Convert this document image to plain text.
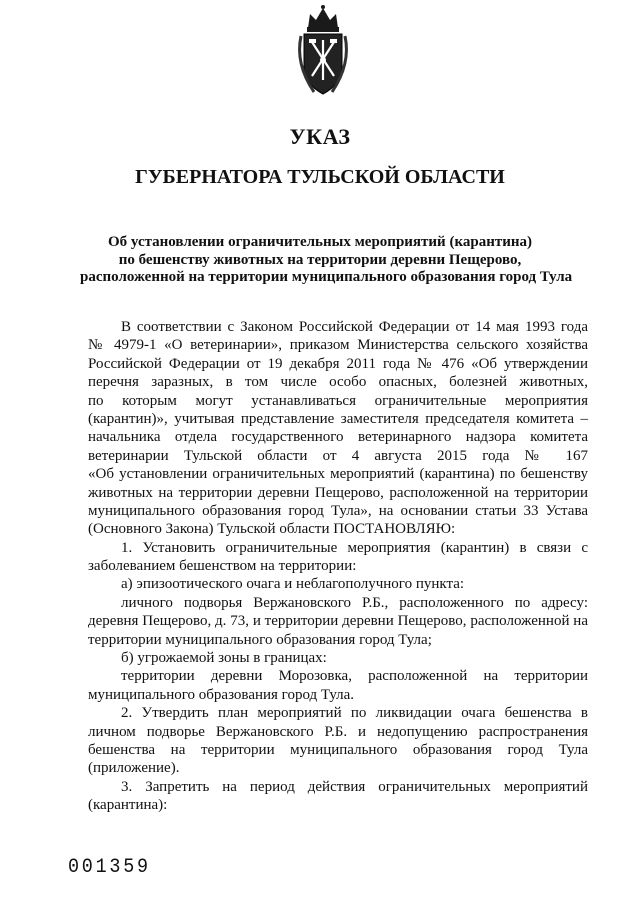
УКАЗ
ГУБЕРНАТОРА ТУЛЬСКОЙ ОБЛАСТИ
Об установлении ограничительных мероприятий (карантина)
по бешенству животных на территории деревни Пещерово,
расположенной на территории муниципального образования город Тула
В соответствии с Законом Российской Федерации от 14 мая 1993 года
№ 4979-1 «О ветеринарии», приказом Министерства сельского хозяйства
Российской Федерации от 19 декабря 2011 года № 476 «Об утверждении
перечня заразных, в том числе особо опасных, болезней животных,
по которым могут устанавливаться ограничительные мероприятия
(карантин)», учитывая представление заместителя председателя комитета –
начальника отдела государственного ветеринарного надзора комитета
ветеринарии Тульской области от 4 августа 2015 года № 167
«Об установлении ограничительных мероприятий (карантина) по бешенству
животных на территории деревни Пещерово, расположенной на территории
муниципального образования город Тула», на основании статьи 33 Устава
(Основного Закона) Тульской области ПОСТАНОВЛЯЮ:
1. Установить ограничительные мероприятия (карантин) в связи с
заболеванием бешенством на территории:
а) эпизоотического очага и неблагополучного пункта:
личного подворья Вержановского Р.Б., расположенного по адресу:
деревня Пещерово, д. 73, и территории деревни Пещерово, расположенной на
территории муниципального образования город Тула;
б) угрожаемой зоны в границах:
территории деревни Морозовка, расположенной на территории
муниципального образования город Тула.
2. Утвердить план мероприятий по ликвидации очага бешенства в
личном подворье Вержановского Р.Б. и недопущению распространения
бешенства на территории муниципального образования город Тула
(приложение).
3. Запретить на период действия ограничительных мероприятий
(карантина):
001359
